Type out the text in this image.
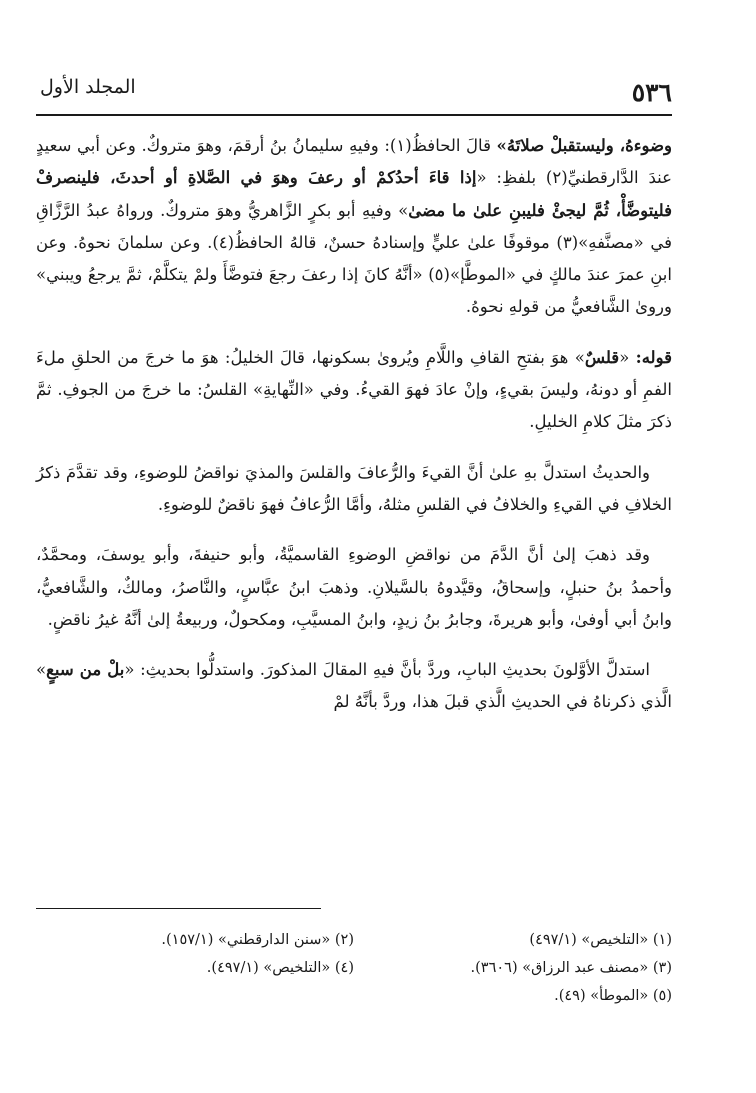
٥٣٦
المجلد الأول

وضوءهُ، وليستقبلْ صلاتَهُ» قالَ الحافظُ(١): وفيهِ سليمانُ بنُ أرقمَ، وهوَ متروكٌ. وعن أبي سعيدٍ عندَ الدَّارقطنيِّ(٢) بلفظِ: «إذا قاءَ أحدُكمْ أو رعفَ وهوَ في الصَّلاةِ أو أحدثَ، فلينصرفْ فليتوضَّأْ، ثُمَّ ليجئْ فليبنِ علىٰ ما مضىٰ» وفيهِ أبو بكرٍ الزَّاهريُّ وهوَ متروكٌ. ورواهُ عبدُ الرَّزَّاقِ في «مصنَّفهِ»(٣) موقوفًا علىٰ عليٍّ وإسنادهُ حسنٌ، قالهُ الحافظُ(٤). وعن سلمانَ نحوهُ. وعن ابنِ عمرَ عندَ مالكٍ في «الموطَّإ»(٥) «أنَّهُ كانَ إذا رعفَ رجعَ فتوضَّأَ ولمْ يتكلَّمْ، ثمَّ يرجعُ ويبني» وروىٰ الشَّافعيُّ من قولهِ نحوهُ.

قوله: «قلسٌ» هوَ بفتحِ القافِ واللَّامِ ويُروىٰ بسكونها، قالَ الخليلُ: هوَ ما خرجَ من الحلقِ ملءَ الفمِ أو دونهُ، وليسَ بقيءٍ، وإنْ عادَ فهوَ القيءُ. وفي «النِّهايةِ» القلسُ: ما خرجَ من الجوفِ. ثمَّ ذكرَ مثلَ كلامِ الخليلِ.

والحديثُ استدلَّ بهِ علىٰ أنَّ القيءَ والرُّعافَ والقلسَ والمذيَ نواقضُ للوضوءِ، وقد تقدَّمَ ذكرُ الخلافِ في القيءِ والخلافُ في القلسِ مثلهُ، وأمَّا الرُّعافُ فهوَ ناقضٌ للوضوءِ.

وقد ذهبَ إلىٰ أنَّ الدَّمَ من نواقضِ الوضوءِ القاسميَّةُ، وأبو حنيفةَ، وأبو يوسفَ، ومحمَّدٌ، وأحمدُ بنُ حنبلٍ، وإسحاقُ، وقيَّدوهُ بالسَّيلانِ. وذهبَ ابنُ عبَّاسٍ، والنَّاصرُ، ومالكٌ، والشَّافعيُّ، وابنُ أبي أوفىٰ، وأبو هريرةَ، وجابرُ بنُ زيدٍ، وابنُ المسيَّبِ، ومكحولٌ، وربيعةُ إلىٰ أنَّهُ غيرُ ناقضٍ.

استدلَّ الأوَّلونَ بحديثِ البابِ، وردَّ بأنَّ فيهِ المقالَ المذكورَ. واستدلُّوا بحديثِ: «بلْ من سبعٍ» الَّذي ذكرناهُ في الحديثِ الَّذي قبلَ هذا، وردَّ بأنَّهُ لمْ

(١) «التلخيص» (٤٩٧/١)
(٢) «سنن الدارقطني» (١٥٧/١).
(٣) «مصنف عبد الرزاق» (٣٦٠٦).
(٤) «التلخيص» (٤٩٧/١).
(٥) «الموطأ» (٤٩).
